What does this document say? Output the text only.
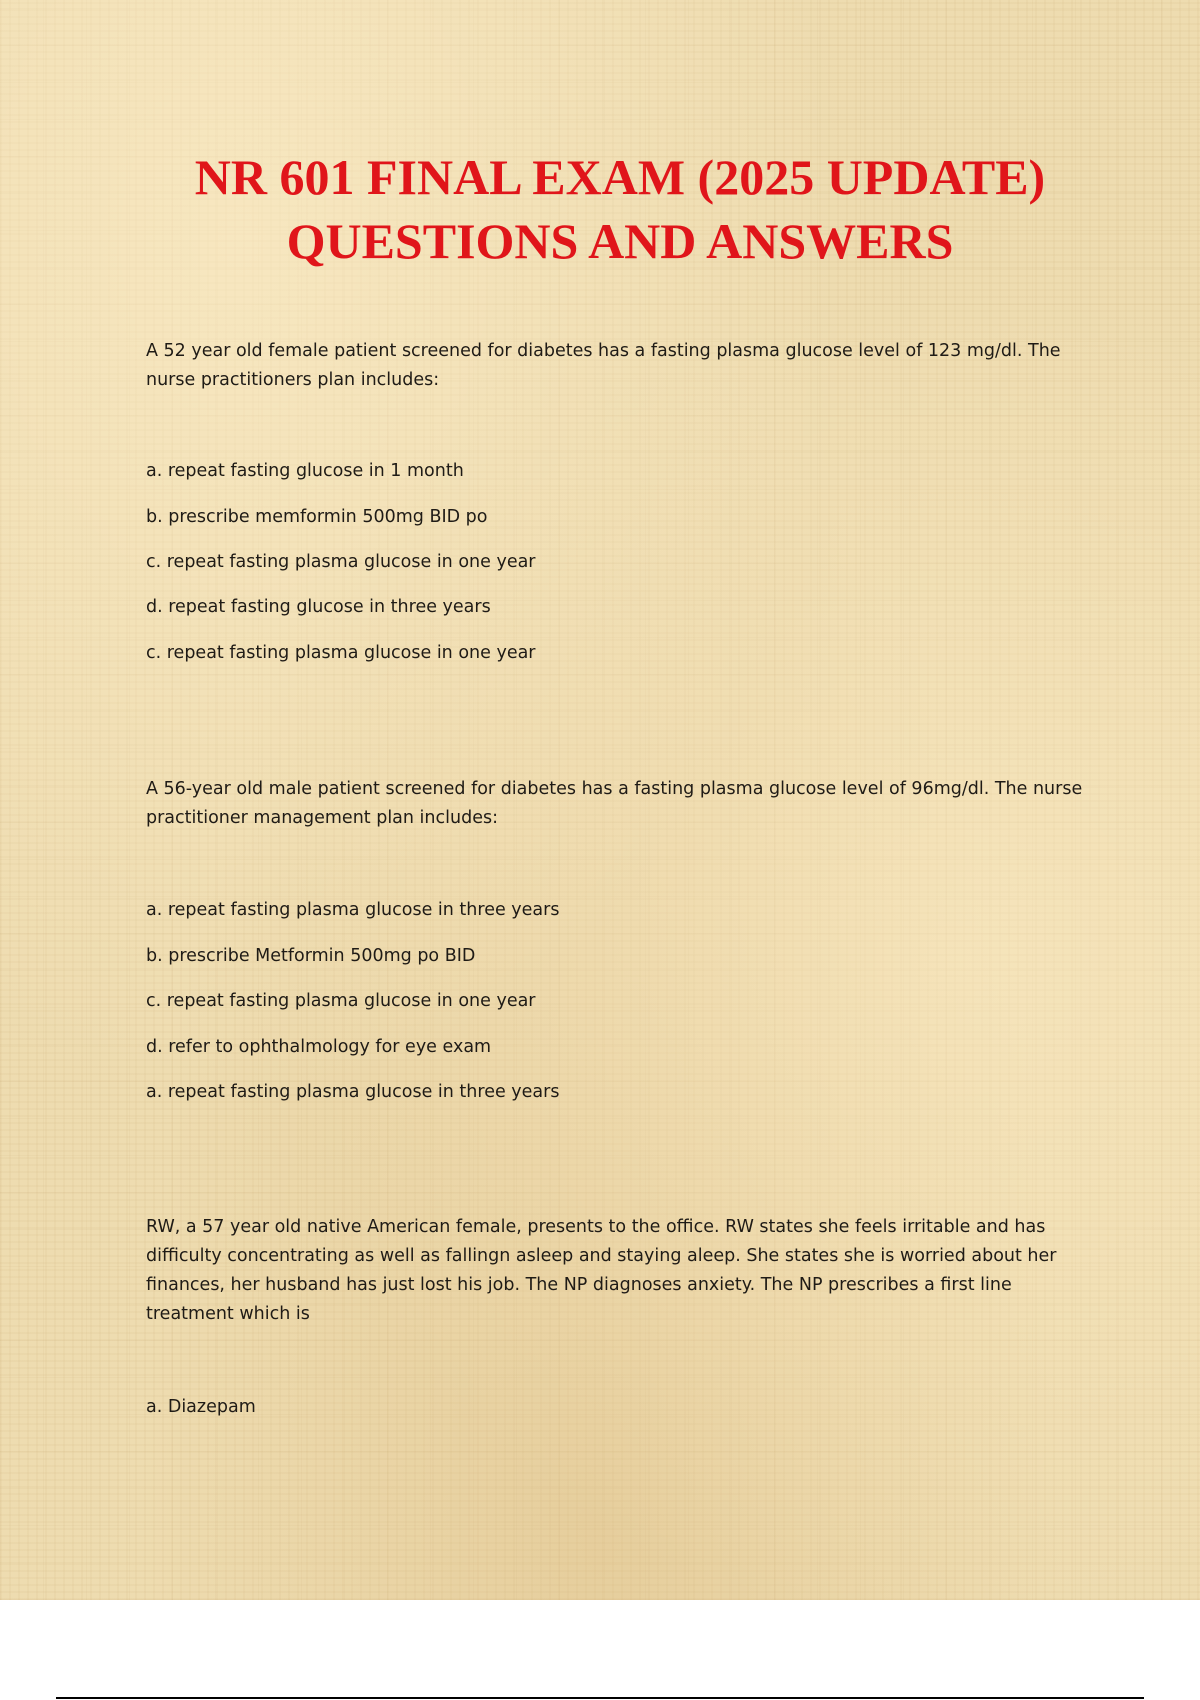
NR 601 FINAL EXAM (2025 UPDATE)
QUESTIONS AND ANSWERS

A 52 year old female patient screened for diabetes has a fasting plasma glucose level of 123 mg/dl. The nurse practitioners plan includes:

a. repeat fasting glucose in 1 month

b. prescribe memformin 500mg BID po

c. repeat fasting plasma glucose in one year

d. repeat fasting glucose in three years

c. repeat fasting plasma glucose in one year

A 56-year old male patient screened for diabetes has a fasting plasma glucose level of 96mg/dl. The nurse practitioner management plan includes:

a. repeat fasting plasma glucose in three years

b. prescribe Metformin 500mg po BID

c. repeat fasting plasma glucose in one year

d. refer to ophthalmology for eye exam

a. repeat fasting plasma glucose in three years

RW, a 57 year old native American female, presents to the office. RW states she feels irritable and has difficulty concentrating as well as fallingn asleep and staying aleep. She states she is worried about her finances, her husband has just lost his job. The NP diagnoses anxiety. The NP prescribes a first line treatment which is

a. Diazepam
